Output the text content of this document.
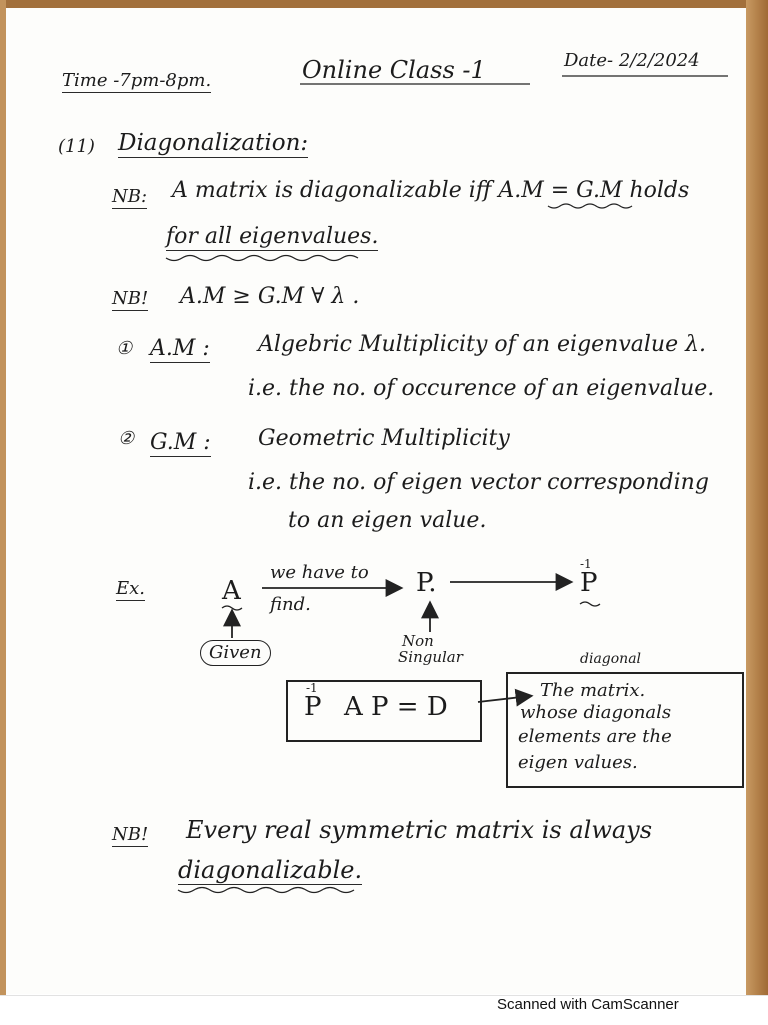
Time -7pm-8pm.	Online Class -1	Date- 2/2/2024
(11) Diagonalization:
NB: A matrix is diagonalizable iff A.M = G.M holds
for all eigenvalues.
NB! A.M ≥ G.M ∀ λ .
① A.M : Algebric Multiplicity of an eigenvalue λ.
i.e. the no. of occurence of an eigenvalue.
② G.M : Geometric Multiplicity
i.e. the no. of eigen vector corresponding
to an eigen value.
Ex.	A
we have to
find.
P.	P
-1
Given
Non
Singular
P
-1
A P = D
diagonal
The matrix.
whose diagonals
elements are the
eigen values.
NB! Every real symmetric matrix is always
diagonalizable.
Scanned with CamScanner
